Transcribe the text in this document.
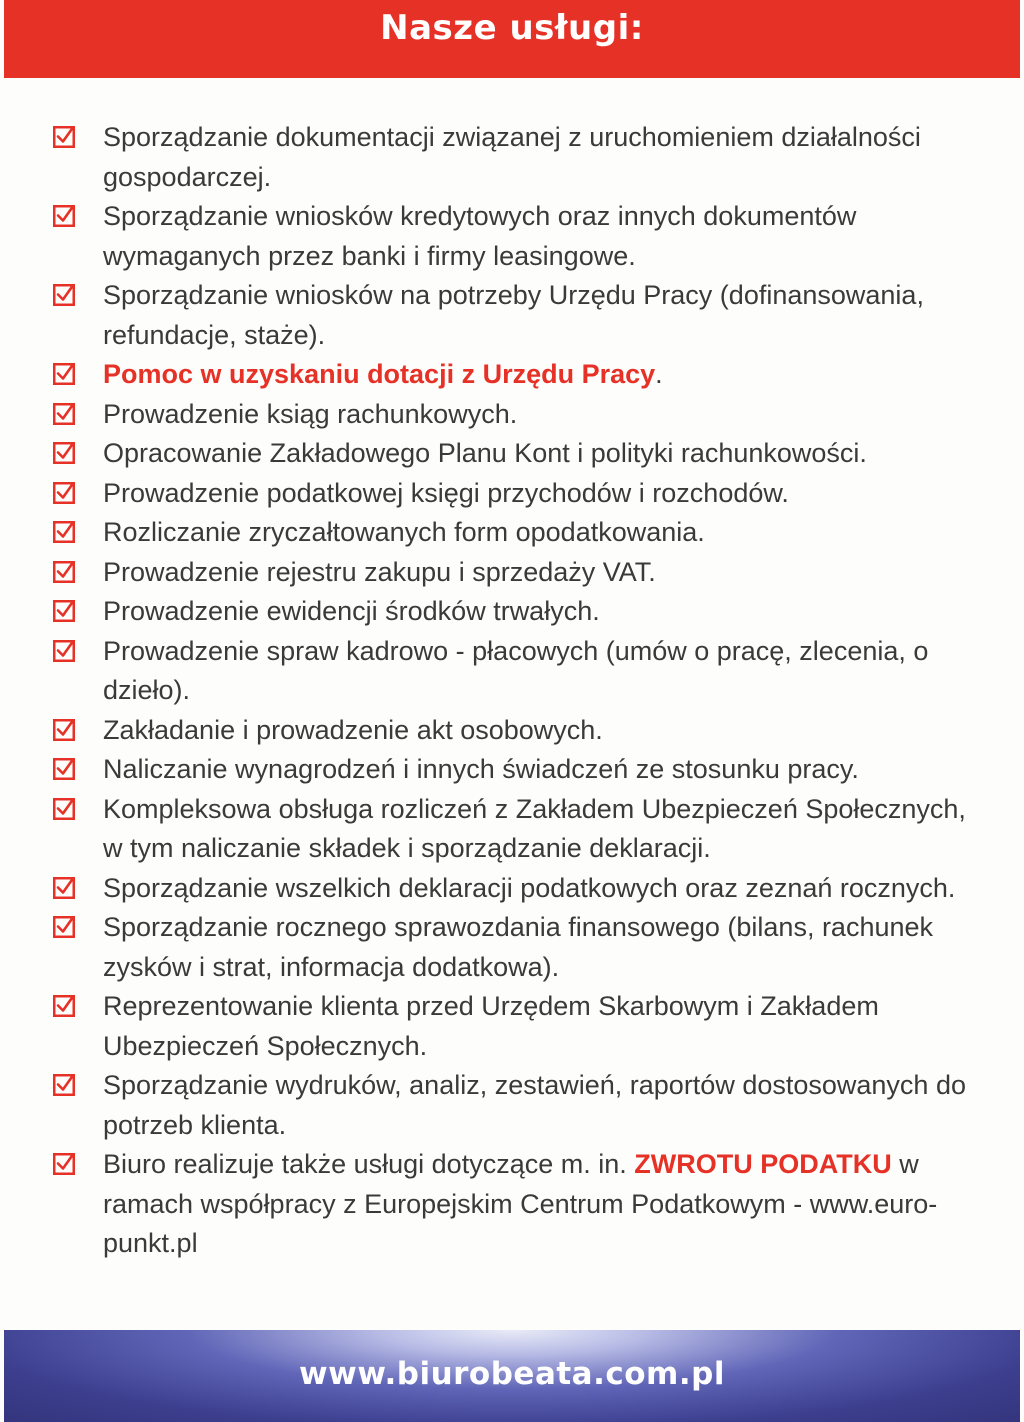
Nasze usługi:
Sporządzanie dokumentacji związanej z uruchomieniem działalności gospodarczej.
Sporządzanie wniosków kredytowych oraz innych dokumentów wymaganych przez banki i firmy leasingowe.
Sporządzanie wniosków na potrzeby Urzędu Pracy (dofinansowania, refundacje, staże).
Pomoc w uzyskaniu dotacji z Urzędu Pracy.
Prowadzenie ksiąg rachunkowych.
Opracowanie Zakładowego Planu Kont i polityki rachunkowości.
Prowadzenie podatkowej księgi przychodów i rozchodów.
Rozliczanie zryczałtowanych form opodatkowania.
Prowadzenie rejestru zakupu i sprzedaży VAT.
Prowadzenie ewidencji środków trwałych.
Prowadzenie spraw kadrowo - płacowych (umów o pracę, zlecenia, o dzieło).
Zakładanie i prowadzenie akt osobowych.
Naliczanie wynagrodzeń i innych świadczeń ze stosunku pracy.
Kompleksowa obsługa rozliczeń z Zakładem Ubezpieczeń Społecznych, w tym naliczanie składek i sporządzanie deklaracji.
Sporządzanie wszelkich deklaracji podatkowych oraz zeznań rocznych.
Sporządzanie rocznego sprawozdania finansowego (bilans, rachunek zysków i strat, informacja dodatkowa).
Reprezentowanie klienta przed Urzędem Skarbowym i Zakładem Ubezpieczeń Społecznych.
Sporządzanie wydruków, analiz, zestawień, raportów dostosowanych do potrzeb klienta.
Biuro realizuje także usługi dotyczące m. in. ZWROTU PODATKU w ramach współpracy z Europejskim Centrum Podatkowym - www.euro-punkt.pl
www.biurobeata.com.pl
